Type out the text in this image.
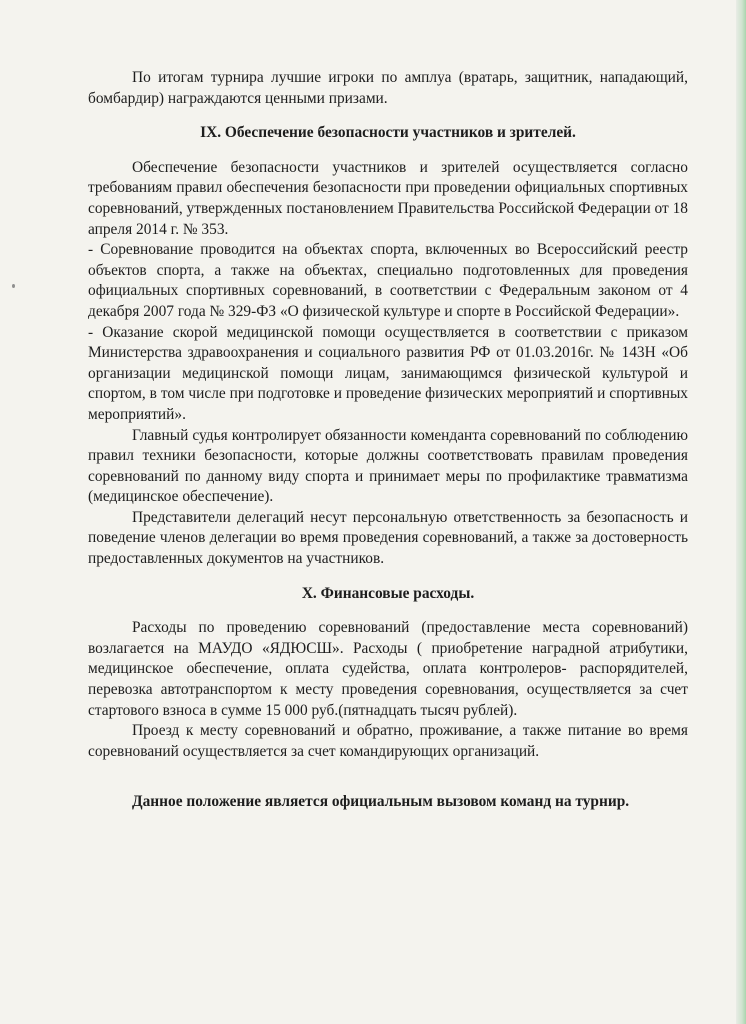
По итогам турнира лучшие игроки по амплуа (вратарь, защитник, нападающий, бомбардир) награждаются ценными призами.

IX. Обеспечение безопасности участников и зрителей.

Обеспечение безопасности участников и зрителей осуществляется согласно требованиям правил обеспечения безопасности при проведении официальных спортивных соревнований, утвержденных постановлением Правительства Российской Федерации от 18 апреля 2014 г. № 353.

- Соревнование проводится на объектах спорта, включенных во Всероссийский реестр объектов спорта, а также на объектах, специально подготовленных для проведения официальных спортивных соревнований, в соответствии с Федеральным законом от 4 декабря 2007 года № 329-ФЗ «О физической культуре и спорте в Российской Федерации».

- Оказание скорой медицинской помощи осуществляется в соответствии с приказом Министерства здравоохранения и социального развития РФ от 01.03.2016г. № 143Н «Об организации медицинской помощи лицам, занимающимся физической культурой и спортом, в том числе при подготовке и проведение физических мероприятий и спортивных мероприятий».

Главный судья контролирует обязанности коменданта соревнований по соблюдению правил техники безопасности, которые должны соответствовать правилам проведения соревнований по данному виду спорта и принимает меры по профилактике травматизма (медицинское обеспечение).

Представители делегаций несут персональную ответственность за безопасность и поведение членов делегации во время проведения соревнований, а также за достоверность предоставленных документов на участников.

X. Финансовые расходы.

Расходы по проведению соревнований (предоставление места соревнований) возлагается на МАУДО «ЯДЮСШ». Расходы ( приобретение наградной атрибутики, медицинское обеспечение, оплата судейства, оплата контролеров- распорядителей, перевозка автотранспортом к месту проведения соревнования, осуществляется за счет стартового взноса в сумме 15 000 руб.(пятнадцать тысяч рублей).

Проезд к месту соревнований и обратно, проживание, а также питание во время соревнований осуществляется за счет командирующих организаций.

Данное положение является официальным вызовом команд на турнир.
